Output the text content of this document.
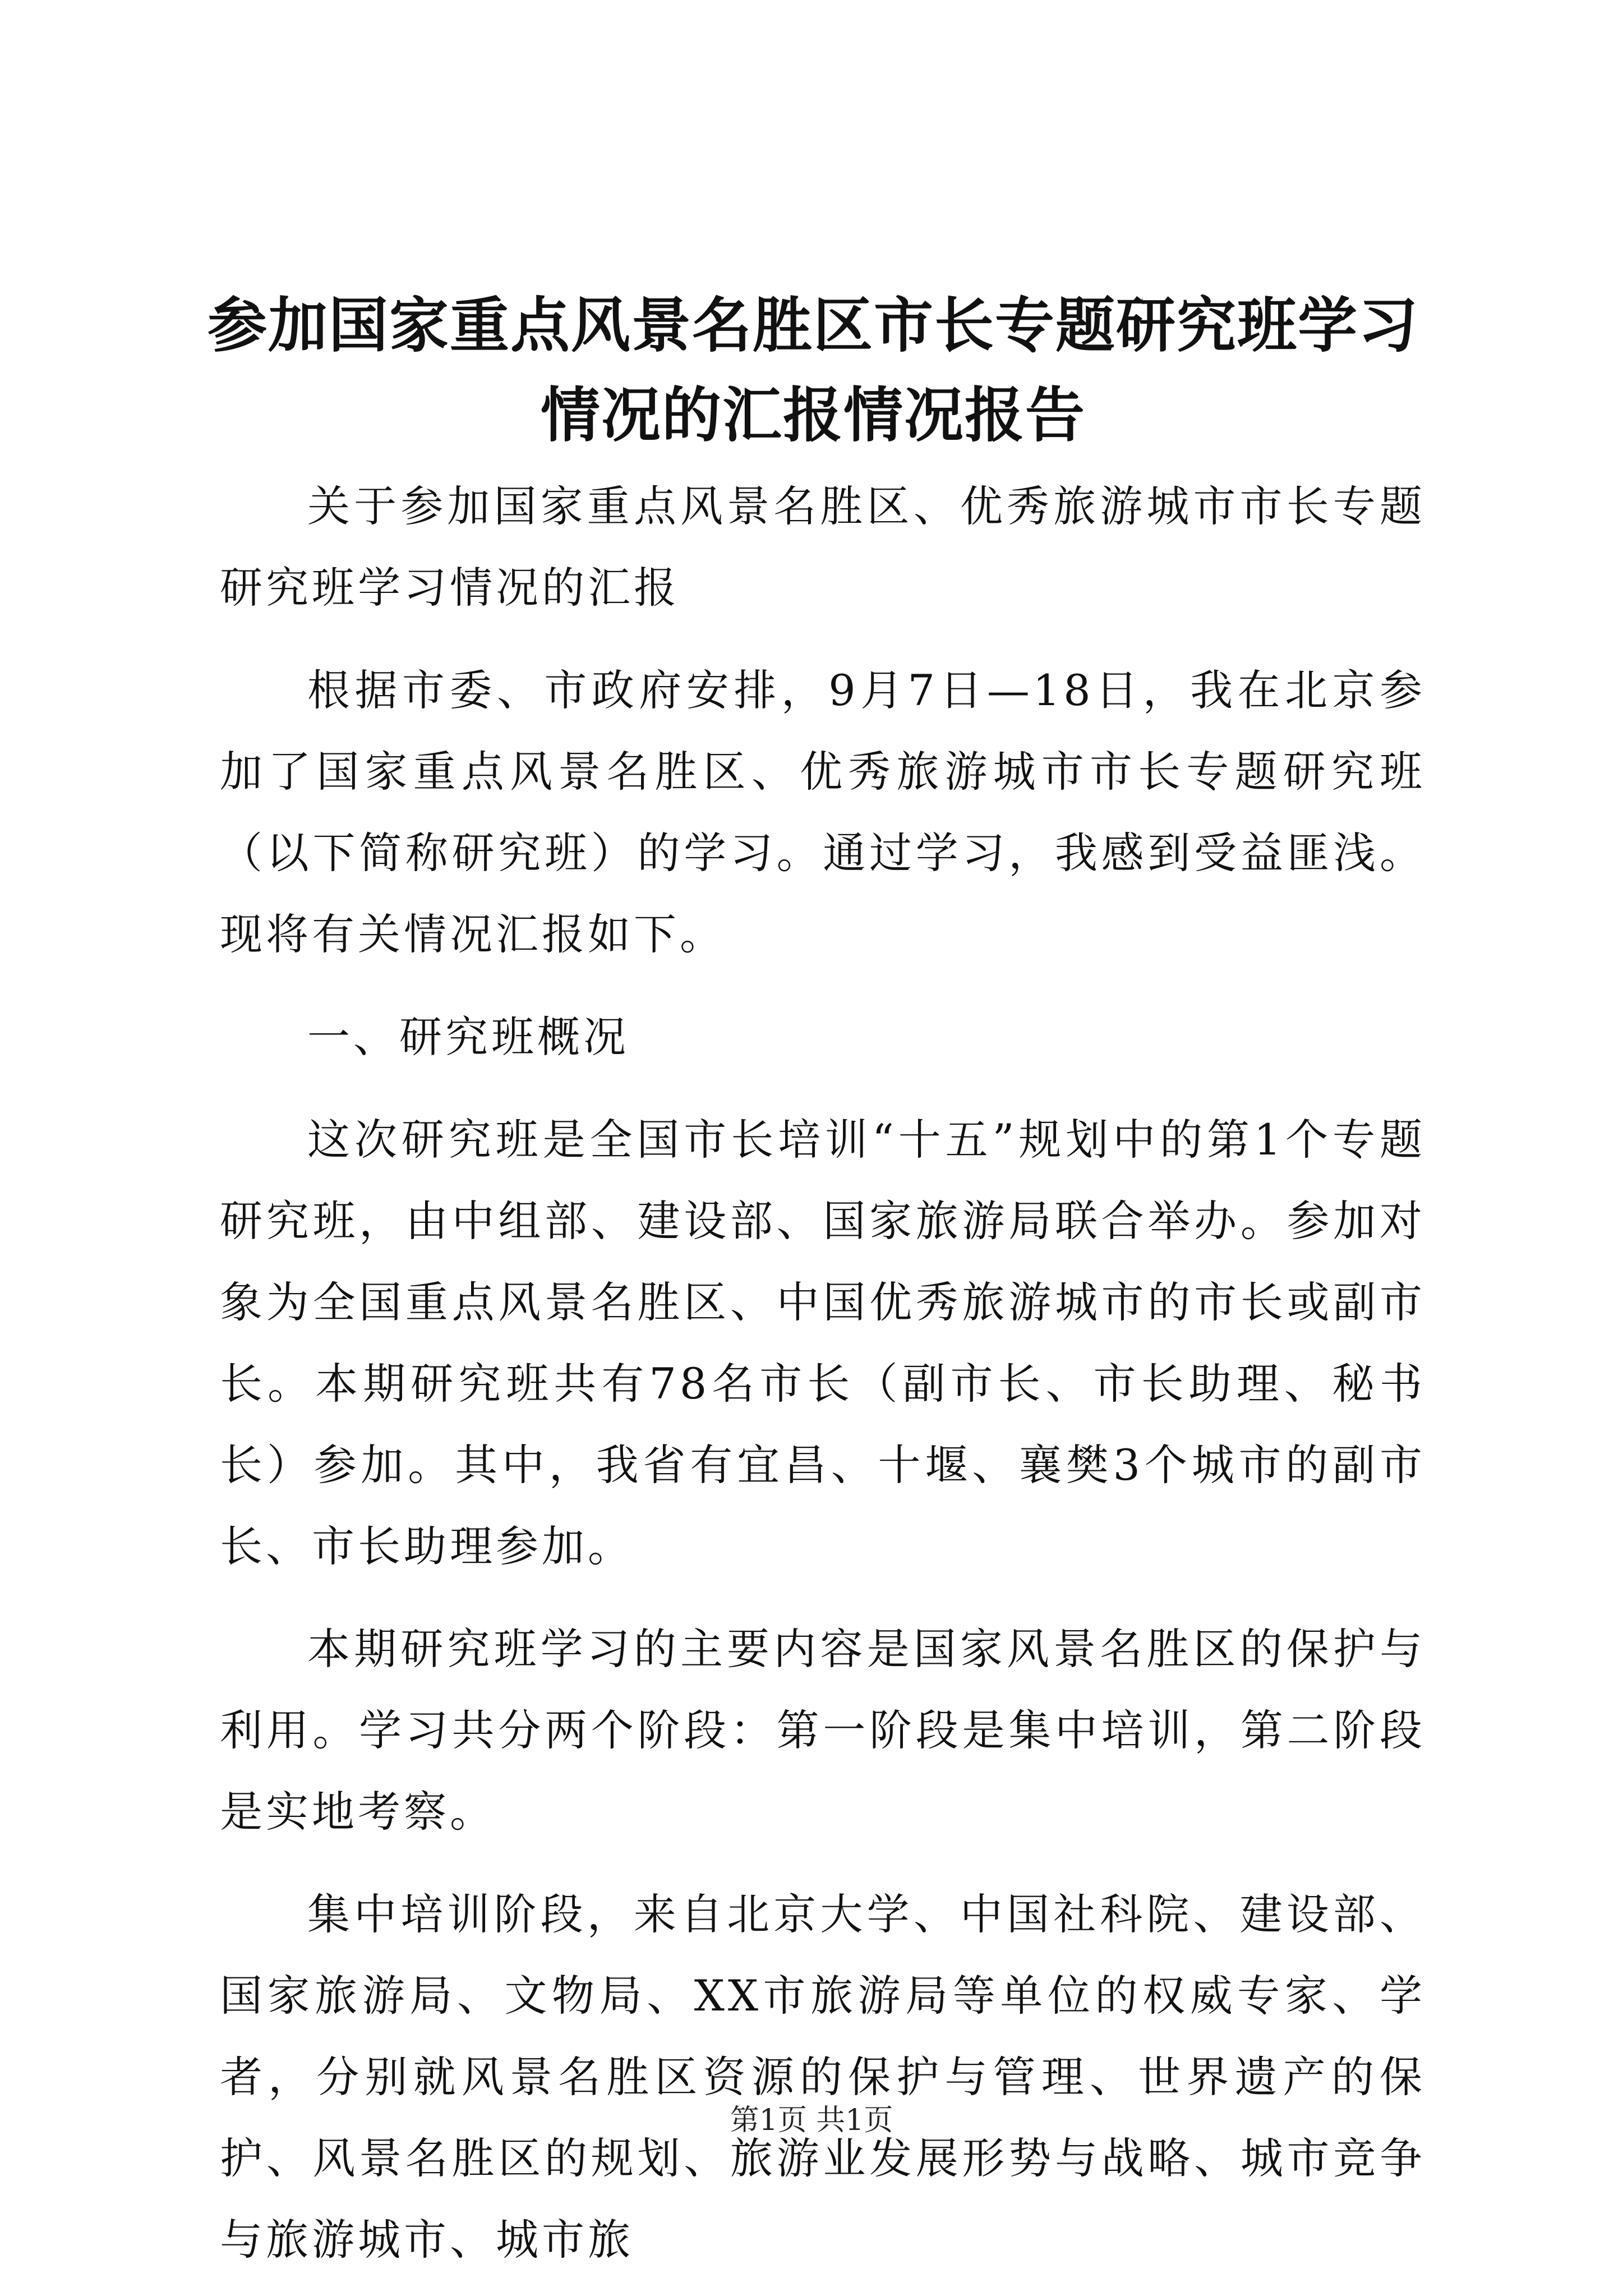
参加国家重点风景名胜区市长专题研究班学习情况的汇报情况报告

关于参加国家重点风景名胜区、优秀旅游城市市长专题研究班学习情况的汇报

根据市委、市政府安排，9月7日—18日，我在北京参加了国家重点风景名胜区、优秀旅游城市市长专题研究班（以下简称研究班）的学习。通过学习，我感到受益匪浅。现将有关情况汇报如下。

一、研究班概况

这次研究班是全国市长培训“十五”规划中的第1个专题研究班，由中组部、建设部、国家旅游局联合举办。参加对象为全国重点风景名胜区、中国优秀旅游城市的市长或副市长。本期研究班共有78名市长（副市长、市长助理、秘书长）参加。其中，我省有宜昌、十堰、襄樊3个城市的副市长、市长助理参加。

本期研究班学习的主要内容是国家风景名胜区的保护与利用。学习共分两个阶段：第一阶段是集中培训，第二阶段是实地考察。

集中培训阶段，来自北京大学、中国社科院、建设部、国家旅游局、文物局、XX市旅游局等单位的权威专家、学者，分别就风景名胜区资源的保护与管理、世界遗产的保护、风景名胜区的规划、旅游业发展形势与战略、城市竞争与旅游城市、城市旅

第1页 共1页
